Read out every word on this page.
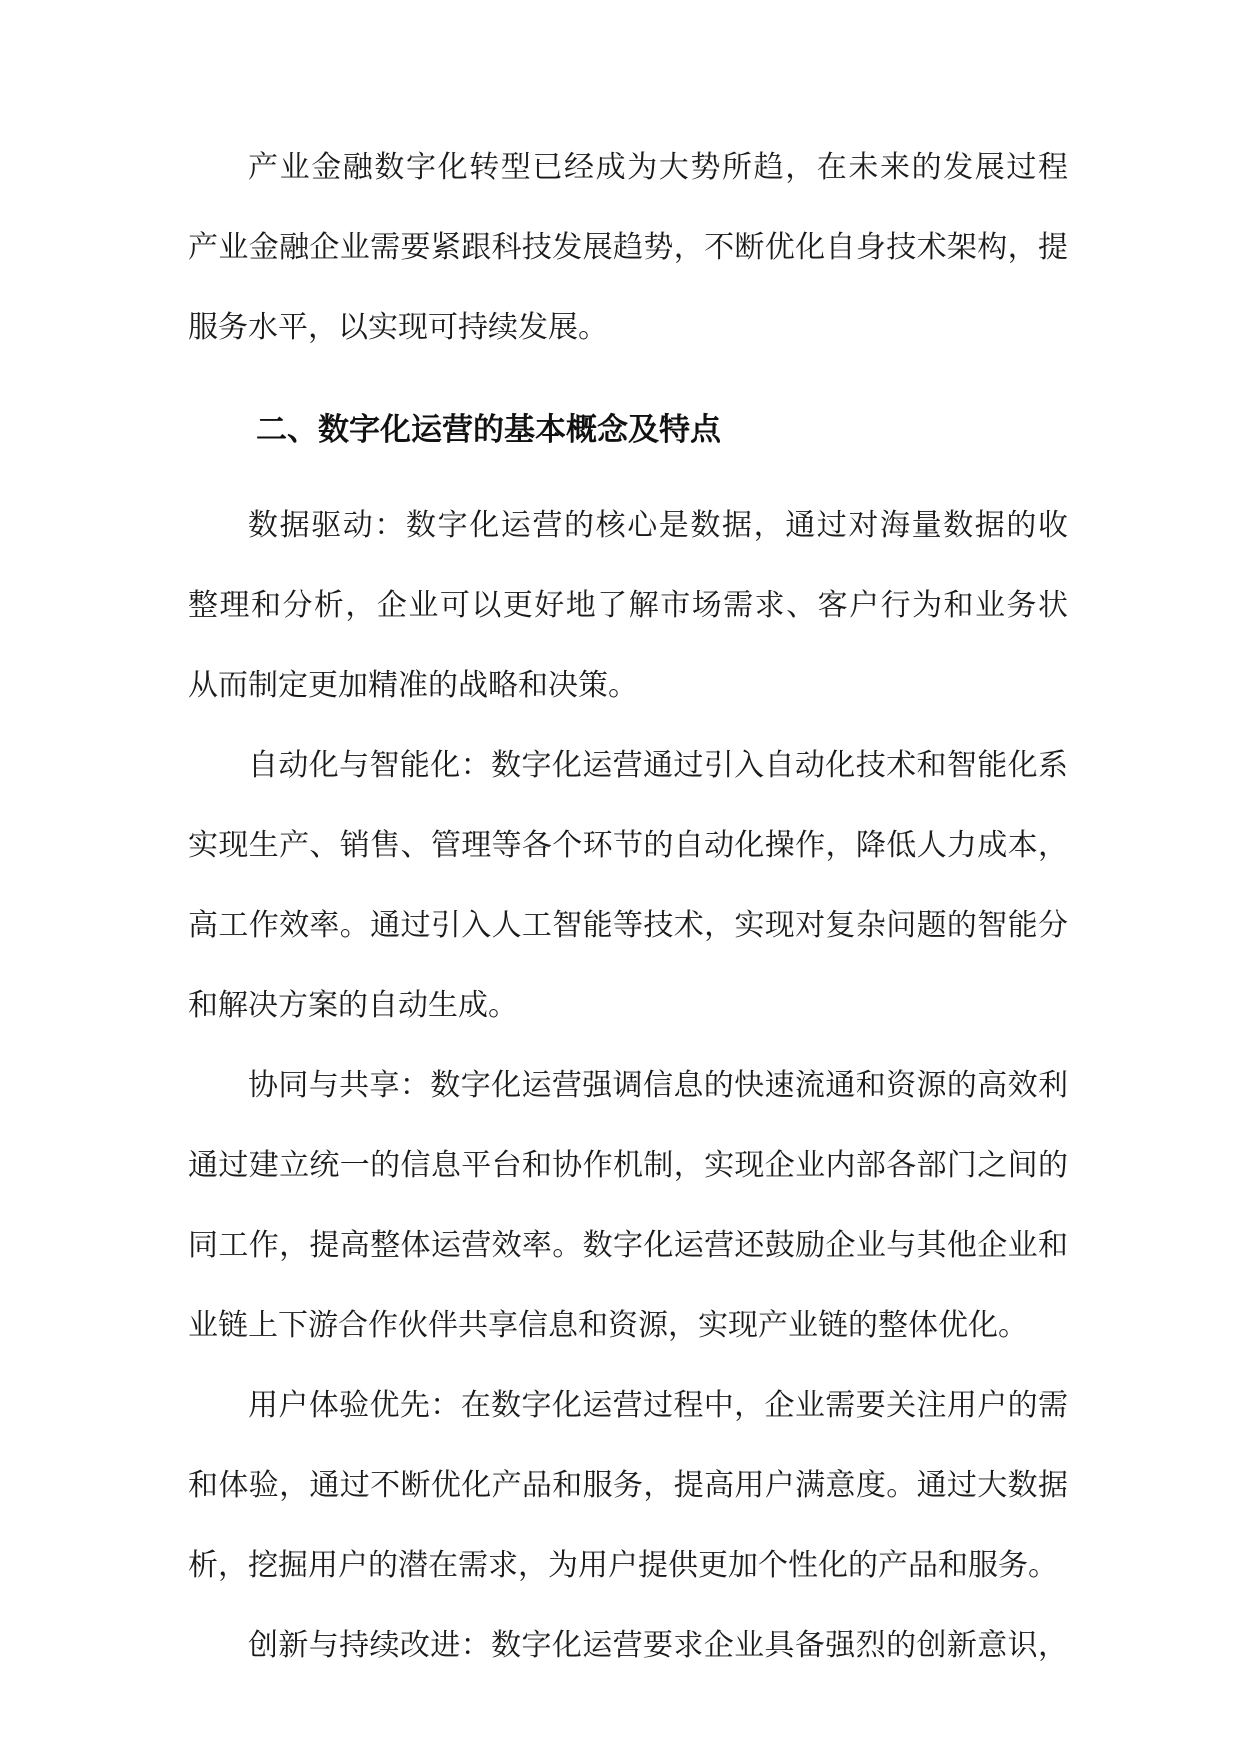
产业金融数字化转型已经成为大势所趋，在未来的发展过程
产业金融企业需要紧跟科技发展趋势，不断优化自身技术架构，提
服务水平，以实现可持续发展。
二、数字化运营的基本概念及特点
数据驱动：数字化运营的核心是数据，通过对海量数据的收
整理和分析，企业可以更好地了解市场需求、客户行为和业务状
从而制定更加精准的战略和决策。
自动化与智能化：数字化运营通过引入自动化技术和智能化系
实现生产、销售、管理等各个环节的自动化操作，降低人力成本，
高工作效率。通过引入人工智能等技术，实现对复杂问题的智能分
和解决方案的自动生成。
协同与共享：数字化运营强调信息的快速流通和资源的高效利
通过建立统一的信息平台和协作机制，实现企业内部各部门之间的
同工作，提高整体运营效率。数字化运营还鼓励企业与其他企业和
业链上下游合作伙伴共享信息和资源，实现产业链的整体优化。
用户体验优先：在数字化运营过程中，企业需要关注用户的需
和体验，通过不断优化产品和服务，提高用户满意度。通过大数据
析，挖掘用户的潜在需求，为用户提供更加个性化的产品和服务。
创新与持续改进：数字化运营要求企业具备强烈的创新意识，
